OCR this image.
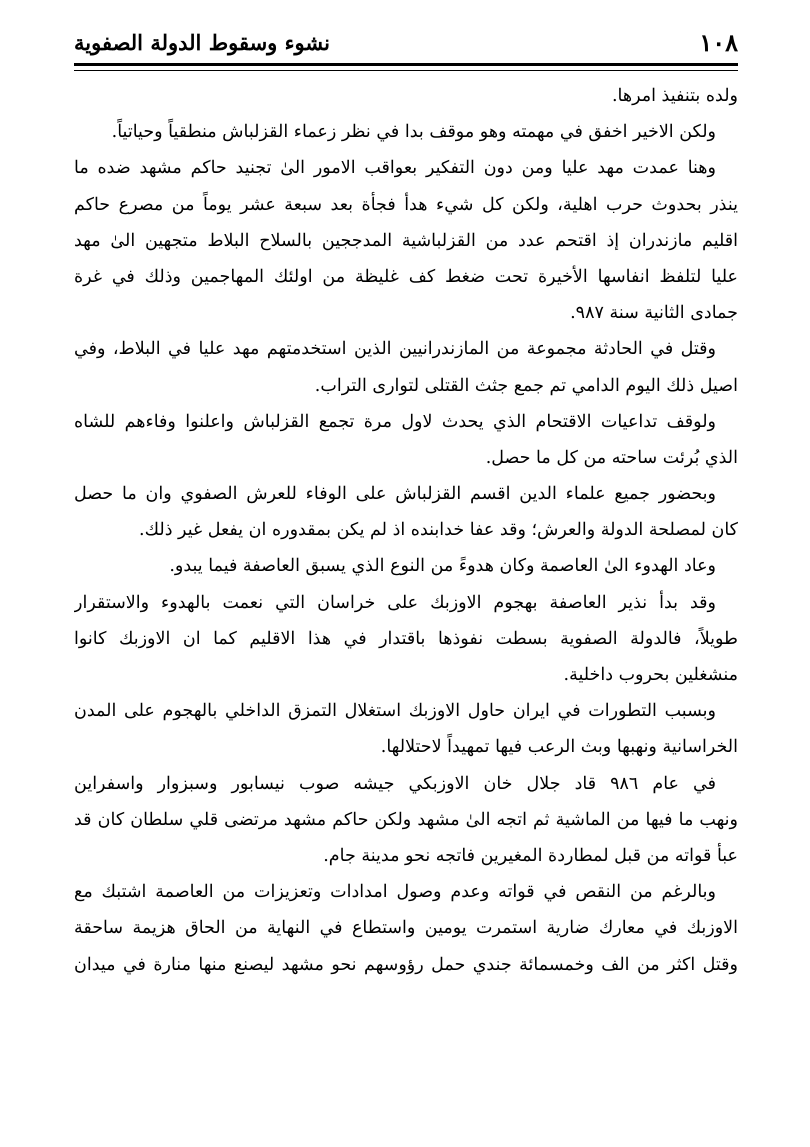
١٠٨
نشوء وسقوط الدولة الصفوية
ولده بتنفيذ امرها.
ولكن الاخير اخفق في مهمته وهو موقف بدا في نظر زعماء القزلباش منطقياً وحياتياً.
وهنا عمدت مهد عليا ومن دون التفكير بعواقب الامور الىٰ تجنيد حاكم مشهد ضده ما
ينذر بحدوث حرب اهلية، ولكن كل شيء هدأ فجأة بعد سبعة عشر يوماً من مصرع حاكم
اقليم مازندران إذ اقتحم عدد من القزلباشية المدججين بالسلاح البلاط متجهين الىٰ مهد
عليا لتلفظ انفاسها الأخيرة تحت ضغط كف غليظة من اولئك المهاجمين وذلك في غرة
جمادى الثانية سنة ٩٨٧.
وقتل في الحادثة مجموعة من المازندرانيين الذين استخدمتهم مهد عليا في البلاط، وفي
اصيل ذلك اليوم الدامي تم جمع جثث القتلى لتوارى التراب.
ولوقف تداعيات الاقتحام الذي يحدث لاول مرة تجمع القزلباش واعلنوا وفاءهم للشاه
الذي بُرئت ساحته من كل ما حصل.
وبحضور جميع علماء الدين اقسم القزلباش على الوفاء للعرش الصفوي وان ما حصل
كان لمصلحة الدولة والعرش؛ وقد عفا خدابنده اذ لم يكن بمقدوره ان يفعل غير ذلك.
وعاد الهدوء الىٰ العاصمة وكان هدوءً من النوع الذي يسبق العاصفة فيما يبدو.
وقد بدأ نذير العاصفة بهجوم الاوزبك على خراسان التي نعمت بالهدوء والاستقرار
طويلاً، فالدولة الصفوية بسطت نفوذها باقتدار في هذا الاقليم كما ان الاوزبك كانوا
منشغلين بحروب داخلية.
وبسبب التطورات في ايران حاول الاوزبك استغلال التمزق الداخلي بالهجوم على المدن
الخراسانية ونهبها وبث الرعب فيها تمهيداً لاحتلالها.
في عام ٩٨٦ قاد جلال خان الاوزبكي جيشه صوب نيسابور وسبزوار واسفراين
ونهب ما فيها من الماشية ثم اتجه الىٰ مشهد ولكن حاكم مشهد مرتضى قلي سلطان كان قد
عبأ قواته من قبل لمطاردة المغيرين فاتجه نحو مدينة جام.
وبالرغم من النقص في قواته وعدم وصول امدادات وتعزيزات من العاصمة اشتبك مع
الاوزبك في معارك ضارية استمرت يومين واستطاع في النهاية من الحاق هزيمة ساحقة
وقتل اكثر من الف وخمسمائة جندي حمل رؤوسهم نحو مشهد ليصنع منها منارة في ميدان
